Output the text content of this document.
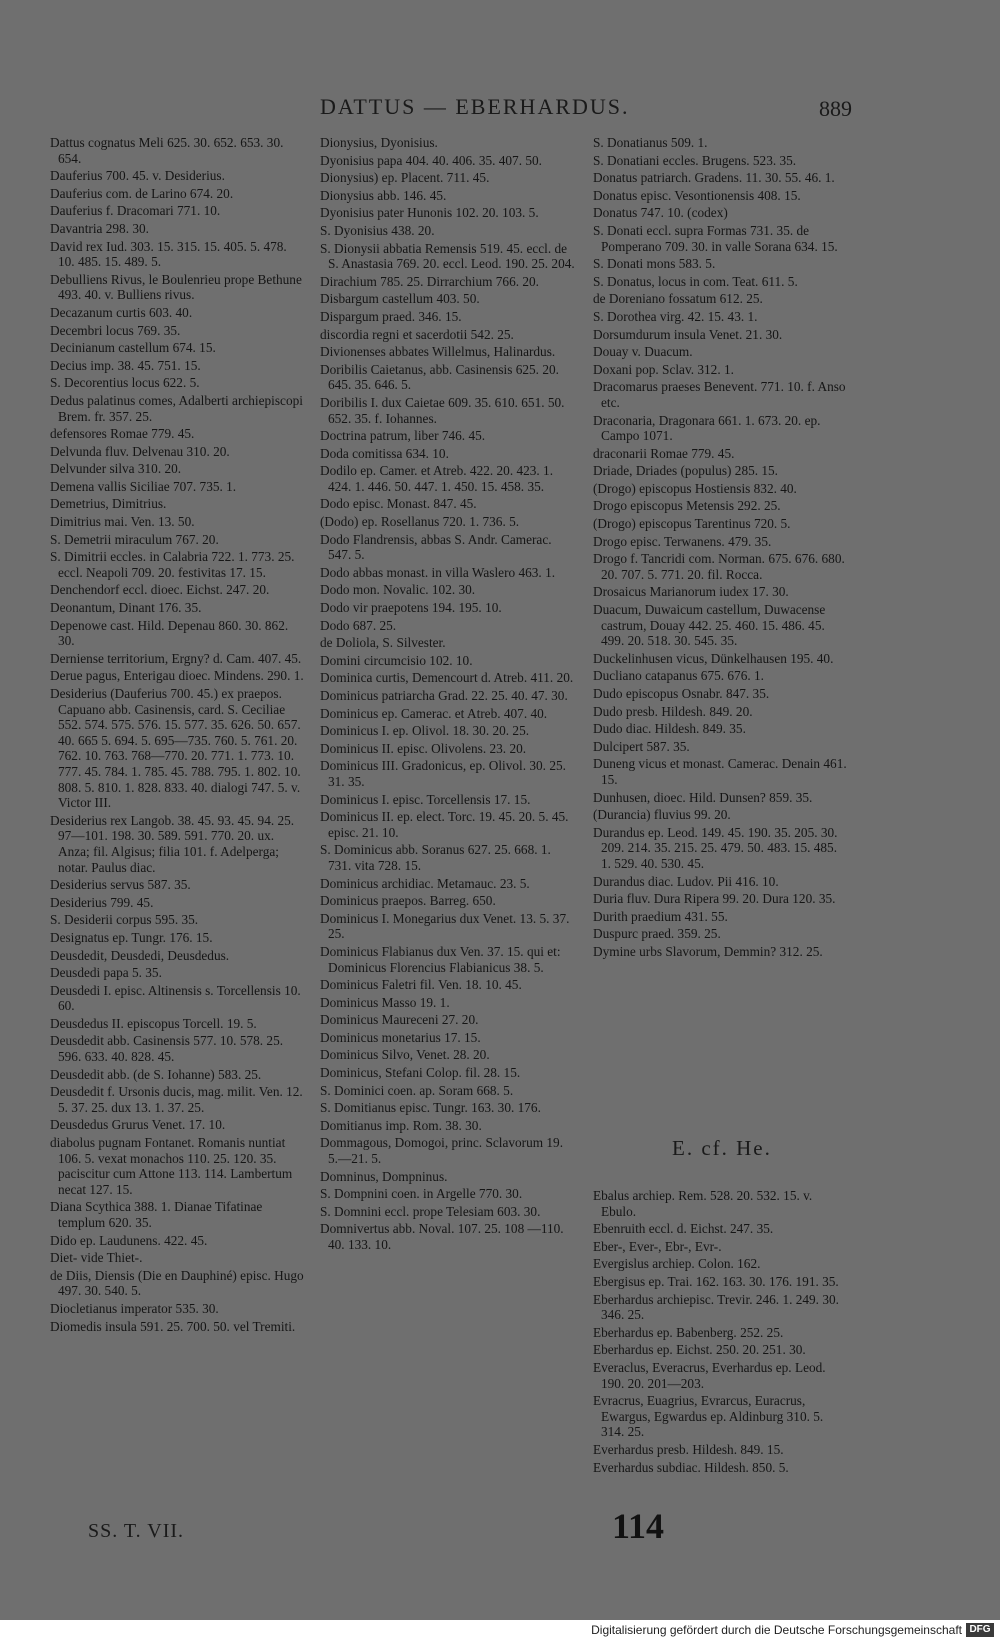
DATTUS — EBERHARDUS.	889
Dattus cognatus Meli 625. 30. 652. 653. 30. 654.
Dauferius 700. 45. v. Desiderius.
Dauferius com. de Larino 674. 20.
Dauferius f. Dracomari 771. 10.
Davantria 298. 30.
David rex Iud. 303. 15. 315. 15. 405. 5. 478. 10. 485. 15. 489. 5.
Debulliens Rivus, le Boulenrieu prope Bethune 493. 40. v. Bulliens rivus.
Decazanum curtis 603. 40.
Decembri locus 769. 35.
Decinianum castellum 674. 15.
Decius imp. 38. 45. 751. 15.
S. Decorentius locus 622. 5.
Dedus palatinus comes, Adalberti archiepiscopi Brem. fr. 357. 25.
defensores Romae 779. 45.
Delvunda fluv. Delvenau 310. 20.
Delvunder silva 310. 20.
Demena vallis Siciliae 707. 735. 1.
Demetrius, Dimitrius.
Dimitrius mai. Ven. 13. 50.
S. Demetrii miraculum 767. 20.
S. Dimitrii eccles. in Calabria 722. 1. 773. 25. eccl. Neapoli 709. 20. festivitas 17. 15.
Denchendorf eccl. dioec. Eichst. 247. 20.
Deonantum, Dinant 176. 35.
Depenowe cast. Hild. Depenau 860. 30. 862. 30.
Derniense territorium, Ergny? d. Cam. 407. 45.
Derue pagus, Enterigau dioec. Mindens. 290. 1.
Desiderius (Dauferius 700. 45.) ex praepos. Capuano abb. Casinensis, card. S. Ceciliae 552. 574. 575. 576. 15. 577. 35. 626. 50. 657. 40. 665 5. 694. 5. 695—735. 760. 5. 761. 20. 762. 10. 763. 768—770. 20. 771. 1. 773. 10. 777. 45. 784. 1. 785. 45. 788. 795. 1. 802. 10. 808. 5. 810. 1. 828. 833. 40. dialogi 747. 5. v. Victor III.
Desiderius rex Langob. 38. 45. 93. 45. 94. 25. 97—101. 198. 30. 589. 591. 770. 20. ux. Anza; fil. Algisus; filia 101. f. Adelperga; notar. Paulus diac.
Desiderius servus 587. 35.
Desiderius 799. 45.
S. Desiderii corpus 595. 35.
Designatus ep. Tungr. 176. 15.
Deusdedit, Deusdedi, Deusdedus.
Deusdedi papa 5. 35.
Deusdedi I. episc. Altinensis s. Torcellensis 10. 60.
Deusdedus II. episcopus Torcell. 19. 5.
Deusdedit abb. Casinensis 577. 10. 578. 25. 596. 633. 40. 828. 45.
Deusdedit abb. (de S. Iohanne) 583. 25.
Deusdedit f. Ursonis ducis, mag. milit. Ven. 12. 5. 37. 25. dux 13. 1. 37. 25.
Deusdedus Grurus Venet. 17. 10.
diabolus pugnam Fontanet. Romanis nuntiat 106. 5. vexat monachos 110. 25. 120. 35. paciscitur cum Attone 113. 114. Lambertum necat 127. 15.
Diana Scythica 388. 1. Dianae Tifatinae templum 620. 35.
Dido ep. Laudunens. 422. 45.
Diet- vide Thiet-.
de Diis, Diensis (Die en Dauphiné) episc. Hugo 497. 30. 540. 5.
Diocletianus imperator 535. 30.
Diomedis insula 591. 25. 700. 50. vel Tremiti.
Dionysius, Dyonisius.
Dyonisius papa 404. 40. 406. 35. 407. 50.
Dionysius) ep. Placent. 711. 45.
Dionysius abb. 146. 45.
Dyonisius pater Hunonis 102. 20. 103. 5.
S. Dyonisius 438. 20.
S. Dionysii abbatia Remensis 519. 45. eccl. de S. Anastasia 769. 20. eccl. Leod. 190. 25. 204.
Dirachium 785. 25. Dirrarchium 766. 20.
Disbargum castellum 403. 50.
Dispargum praed. 346. 15.
discordia regni et sacerdotii 542. 25.
Divionenses abbates Willelmus, Halinardus.
Doribilis Caietanus, abb. Casinensis 625. 20. 645. 35. 646. 5.
Doribilis I. dux Caietae 609. 35. 610. 651. 50. 652. 35. f. Iohannes.
Doctrina patrum, liber 746. 45.
Doda comitissa 634. 10.
Dodilo ep. Camer. et Atreb. 422. 20. 423. 1. 424. 1. 446. 50. 447. 1. 450. 15. 458. 35.
Dodo episc. Monast. 847. 45.
(Dodo) ep. Rosellanus 720. 1. 736. 5.
Dodo Flandrensis, abbas S. Andr. Camerac. 547. 5.
Dodo abbas monast. in villa Waslero 463. 1.
Dodo mon. Novalic. 102. 30.
Dodo vir praepotens 194. 195. 10.
Dodo 687. 25.
de Doliola, S. Silvester.
Domini circumcisio 102. 10.
Dominica curtis, Demencourt d. Atreb. 411. 20.
Dominicus patriarcha Grad. 22. 25. 40. 47. 30.
Dominicus ep. Camerac. et Atreb. 407. 40.
Dominicus I. ep. Olivol. 18. 30. 20. 25.
Dominicus II. episc. Olivolens. 23. 20.
Dominicus III. Gradonicus, ep. Olivol. 30. 25. 31. 35.
Dominicus I. episc. Torcellensis 17. 15.
Dominicus II. ep. elect. Torc. 19. 45. 20. 5. 45. episc. 21. 10.
S. Dominicus abb. Soranus 627. 25. 668. 1. 731. vita 728. 15.
Dominicus archidiac. Metamauc. 23. 5.
Dominicus praepos. Barreg. 650.
Dominicus I. Monegarius dux Venet. 13. 5. 37. 25.
Dominicus Flabianus dux Ven. 37. 15. qui et: Dominicus Florencius Flabianicus 38. 5.
Dominicus Faletri fil. Ven. 18. 10. 45.
Dominicus Masso 19. 1.
Dominicus Maureceni 27. 20.
Dominicus monetarius 17. 15.
Dominicus Silvo, Venet. 28. 20.
Dominicus, Stefani Colop. fil. 28. 15.
S. Dominici coen. ap. Soram 668. 5.
S. Domitianus episc. Tungr. 163. 30. 176.
Domitianus imp. Rom. 38. 30.
Dommagous, Domogoi, princ. Sclavorum 19. 5.—21. 5.
Domninus, Dompninus.
S. Dompnini coen. in Argelle 770. 30.
S. Domnini eccl. prope Telesiam 603. 30.
Domnivertus abb. Noval. 107. 25. 108 —110. 40. 133. 10.
S. Donatianus 509. 1.
S. Donatiani eccles. Brugens. 523. 35.
Donatus patriarch. Gradens. 11. 30. 55. 46. 1.
Donatus episc. Vesontionensis 408. 15.
Donatus 747. 10. (codex)
S. Donati eccl. supra Formas 731. 35. de Pomperano 709. 30. in valle Sorana 634. 15.
S. Donati mons 583. 5.
S. Donatus, locus in com. Teat. 611. 5.
de Doreniano fossatum 612. 25.
S. Dorothea virg. 42. 15. 43. 1.
Dorsumdurum insula Venet. 21. 30.
Douay v. Duacum.
Doxani pop. Sclav. 312. 1.
Dracomarus praeses Benevent. 771. 10. f. Anso etc.
Draconaria, Dragonara 661. 1. 673. 20. ep. Campo 1071.
draconarii Romae 779. 45.
Driade, Driades (populus) 285. 15.
(Drogo) episcopus Hostiensis 832. 40.
Drogo episcopus Metensis 292. 25.
(Drogo) episcopus Tarentinus 720. 5.
Drogo episc. Terwanens. 479. 35.
Drogo f. Tancridi com. Norman. 675. 676. 680. 20. 707. 5. 771. 20. fil. Rocca.
Drosaicus Marianorum iudex 17. 30.
Duacum, Duwaicum castellum, Duwacense castrum, Douay 442. 25. 460. 15. 486. 45. 499. 20. 518. 30. 545. 35.
Duckelinhusen vicus, Dünkelhausen 195. 40.
Ducliano catapanus 675. 676. 1.
Dudo episcopus Osnabr. 847. 35.
Dudo presb. Hildesh. 849. 20.
Dudo diac. Hildesh. 849. 35.
Dulcipert 587. 35.
Duneng vicus et monast. Camerac. Denain 461. 15.
Dunhusen, dioec. Hild. Dunsen? 859. 35.
(Durancia) fluvius 99. 20.
Durandus ep. Leod. 149. 45. 190. 35. 205. 30. 209. 214. 35. 215. 25. 479. 50. 483. 15. 485. 1. 529. 40. 530. 45.
Durandus diac. Ludov. Pii 416. 10.
Duria fluv. Dura Ripera 99. 20. Dura 120. 35.
Durith praedium 431. 55.
Duspurc praed. 359. 25.
Dymine urbs Slavorum, Demmin? 312. 25.
E. cf. He.
Ebalus archiep. Rem. 528. 20. 532. 15. v. Ebulo.
Ebenruith eccl. d. Eichst. 247. 35.
Eber-, Ever-, Ebr-, Evr-.
Evergislus archiep. Colon. 162.
Ebergisus ep. Trai. 162. 163. 30. 176. 191. 35.
Eberhardus archiepisc. Trevir. 246. 1. 249. 30. 346. 25.
Eberhardus ep. Babenberg. 252. 25.
Eberhardus ep. Eichst. 250. 20. 251. 30.
Everaclus, Everacrus, Everhardus ep. Leod. 190. 20. 201—203.
Evracrus, Euagrius, Evrarcus, Euracrus, Ewargus, Egwardus ep. Aldinburg 310. 5. 314. 25.
Everhardus presb. Hildesh. 849. 15.
Everhardus subdiac. Hildesh. 850. 5.
SS. T. VII.	114
Digitalisierung gefördert durch die Deutsche Forschungsgemeinschaft DFG
